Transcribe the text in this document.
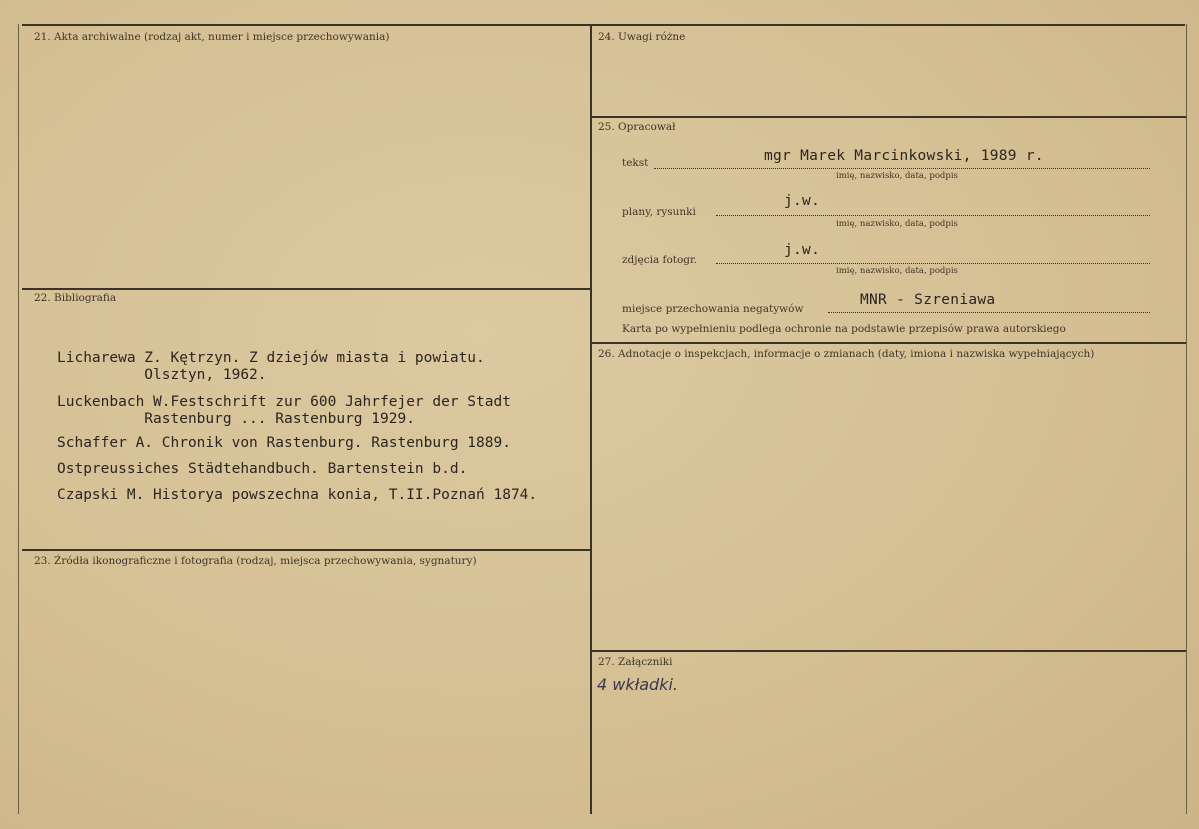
21. Akta archiwalne (rodzaj akt, numer i miejsce przechowywania)
22. Bibliografia
Licharewa Z. Kętrzyn. Z dziejów miasta i powiatu.
Olsztyn, 1962.
Luckenbach W.Festschrift zur 600 Jahrfejer der Stadt
Rastenburg ... Rastenburg 1929.
Schaffer A. Chronik von Rastenburg. Rastenburg 1889.
Ostpreussiches Städtehandbuch. Bartenstein b.d.
Czapski M. Historya powszechna konia, T.II.Poznań 1874.
23. Źródła ikonograficzne i fotografia (rodzaj, miejsca przechowywania, sygnatury)
24. Uwagi różne
25. Opracował
tekst	mgr Marek Marcinkowski, 1989 r.
imię, nazwisko, data, podpis
plany, rysunki
j.w.
imię, nazwisko, data, podpis
zdjęcia fotogr.
j.w.
imię, nazwisko, data, podpis
miejsce przechowania negatywów
MNR - Szreniawa
Karta po wypełnieniu podlega ochronie na podstawie przepisów prawa autorskiego
26. Adnotacje o inspekcjach, informacje o zmianach (daty, imiona i nazwiska wypełniających)
27. Załączniki
4 wkładki.
